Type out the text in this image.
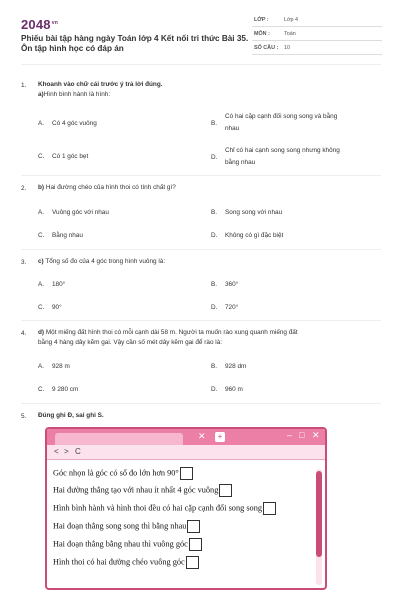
$2048^{vn}$
Phiếu bài tập hàng ngày Toán lớp 4 Kết nối tri thức Bài 35.
Ôn tập hình học có đáp án
LỚP :	Lớp 4
MÔN :	Toán
SỐ CÂU : 10
1. Khoanh vào chữ cái trước ý trả lời đúng.
a)Hình bình hành là hình:
A. Có 4 góc vuông	B.
Có hai cặp cạnh đối song song và bằng
nhau
C. Có 1 góc bẹt	D.
Chỉ có hai cạnh song song nhưng không
bằng nhau
2. b) Hai đường chéo của hình thoi có tính chất gì?
A. Vuông góc với nhau	B. Song song với nhau
C. Bằng nhau	D. Không có gì đặc biệt
3. c) Tổng số đo của 4 góc trong hình vuông là:
A. 180°	B. 360°
C. 90°	D. 720°
4. d) Một miếng đất hình thoi có mỗi cạnh dài 58 m. Người ta muốn rào xung quanh miếng đất
bằng 4 hàng dây kẽm gai. Vậy cần số mét dây kẽm gai để rào là:
A. 928 m	B. 928 dm
C. 9 280 cm	D. 960 m
5. Đúng ghi Đ, sai ghi S.
✕	+	– □ ✕
< > C
Góc nhọn là góc có số đo lớn hơn 90°
Hai đường thẳng tạo với nhau ít nhất 4 góc vuông
Hình bình hành và hình thoi đều có hai cặp cạnh đối song song
Hai đoạn thẳng song song thì bằng nhau
Hai đoạn thẳng bằng nhau thì vuông góc
Hình thoi có hai đường chéo vuông góc
